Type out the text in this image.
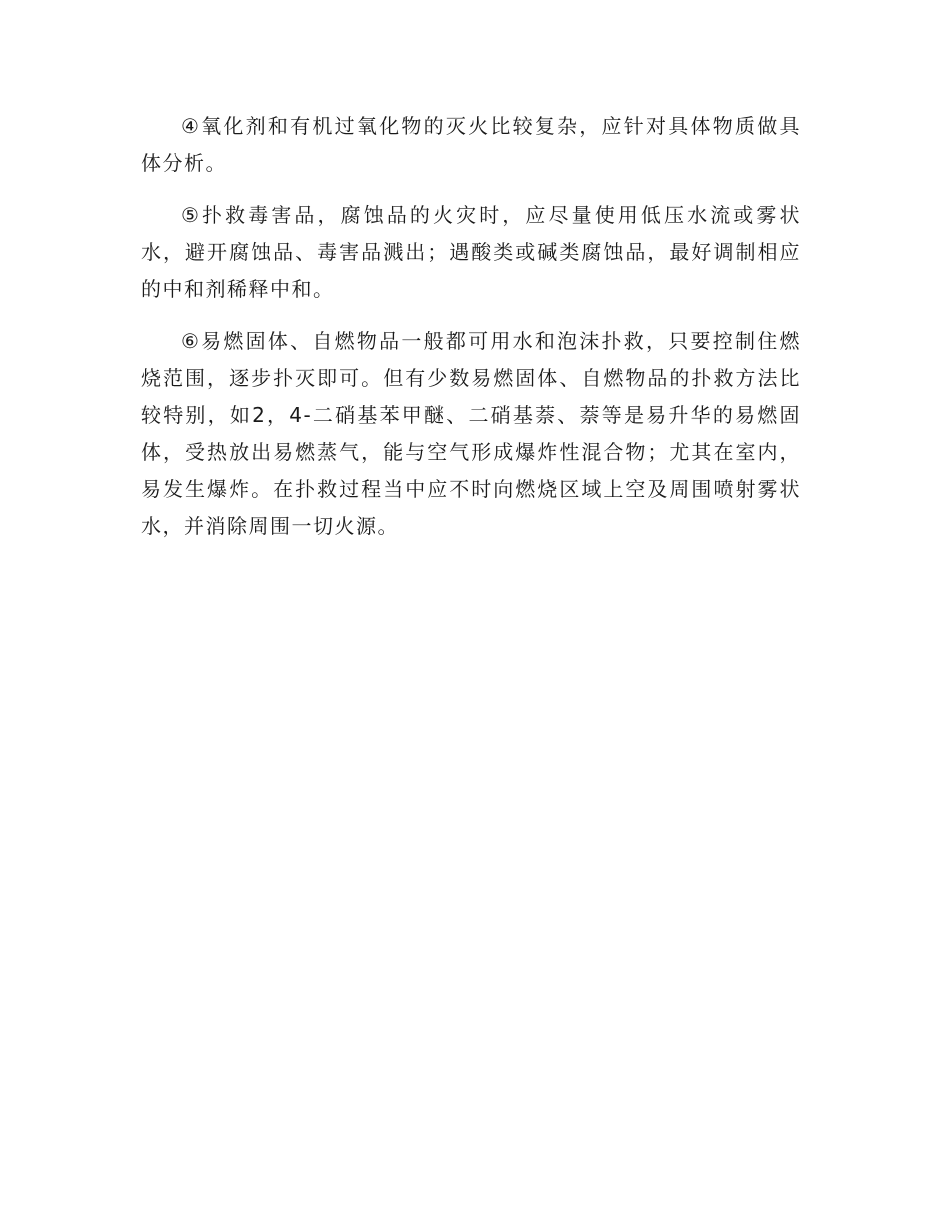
④氧化剂和有机过氧化物的灭火比较复杂，应针对具体物质做具体分析。

⑤扑救毒害品，腐蚀品的火灾时，应尽量使用低压水流或雾状水，避开腐蚀品、毒害品溅出；遇酸类或碱类腐蚀品，最好调制相应的中和剂稀释中和。

⑥易燃固体、自燃物品一般都可用水和泡沫扑救，只要控制住燃烧范围，逐步扑灭即可。但有少数易燃固体、自燃物品的扑救方法比较特别，如2，4-二硝基苯甲醚、二硝基萘、萘等是易升华的易燃固体，受热放出易燃蒸气，能与空气形成爆炸性混合物；尤其在室内，易发生爆炸。在扑救过程当中应不时向燃烧区域上空及周围喷射雾状水，并消除周围一切火源。
